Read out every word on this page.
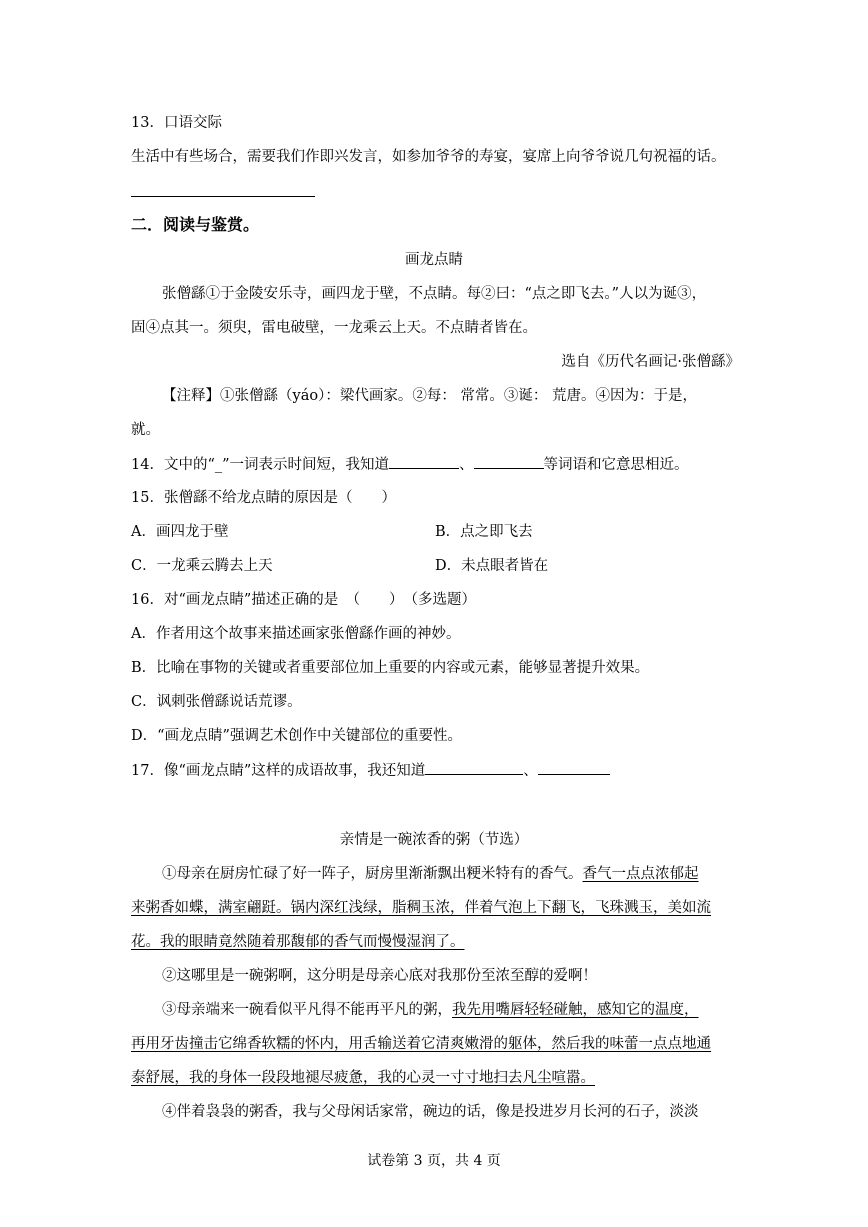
13．口语交际
生活中有些场合，需要我们作即兴发言，如参加爷爷的寿宴，宴席上向爷爷说几句祝福的话。
二．阅读与鉴赏。
画龙点睛
张僧繇①于金陵安乐寺，画四龙于壁，不点睛。每②曰：“点之即飞去。”人以为诞③，
固④点其一。须臾，雷电破壁，一龙乘云上天。不点睛者皆在。
选自《历代名画记·张僧繇》
【注释】①张僧繇（yáo）：梁代画家。②每： 常常。③诞： 荒唐。④因为：于是，
就。
14．文中的“_”一词表示时间短，我知道	、	等词语和它意思相近。
15．张僧繇不给龙点睛的原因是（　　）
A．画四龙于壁	B．点之即飞去
C．一龙乘云腾去上天	D．未点眼者皆在
16．对“画龙点睛”描述正确的是　（　　）　（多选题）
A．作者用这个故事来描述画家张僧繇作画的神妙。
B．比喻在事物的关键或者重要部位加上重要的内容或元素，能够显著提升效果。
C．讽刺张僧繇说话荒谬。
D．“画龙点睛”强调艺术创作中关键部位的重要性。
17．像“画龙点睛”这样的成语故事，我还知道	、
亲情是一碗浓香的粥（节选）
①母亲在厨房忙碌了好一阵子，厨房里渐渐飘出粳米特有的香气。香气一点点浓郁起
来粥香如蝶，满室翩跹。锅内深红浅绿，脂稠玉浓，伴着气泡上下翻飞，飞珠溅玉，美如流
花。我的眼睛竟然随着那馥郁的香气而慢慢湿润了。
②这哪里是一碗粥啊，这分明是母亲心底对我那份至浓至醇的爱啊！
③母亲端来一碗看似平凡得不能再平凡的粥，我先用嘴唇轻轻碰触，感知它的温度，
再用牙齿撞击它绵香软糯的怀内，用舌输送着它清爽嫩滑的躯体，然后我的味蕾一点点地通
泰舒展，我的身体一段段地褪尽疲惫，我的心灵一寸寸地扫去凡尘喧嚣。
④伴着袅袅的粥香，我与父母闲话家常，碗边的话，像是投进岁月长河的石子，淡淡
试卷第 3 页，共 4 页
